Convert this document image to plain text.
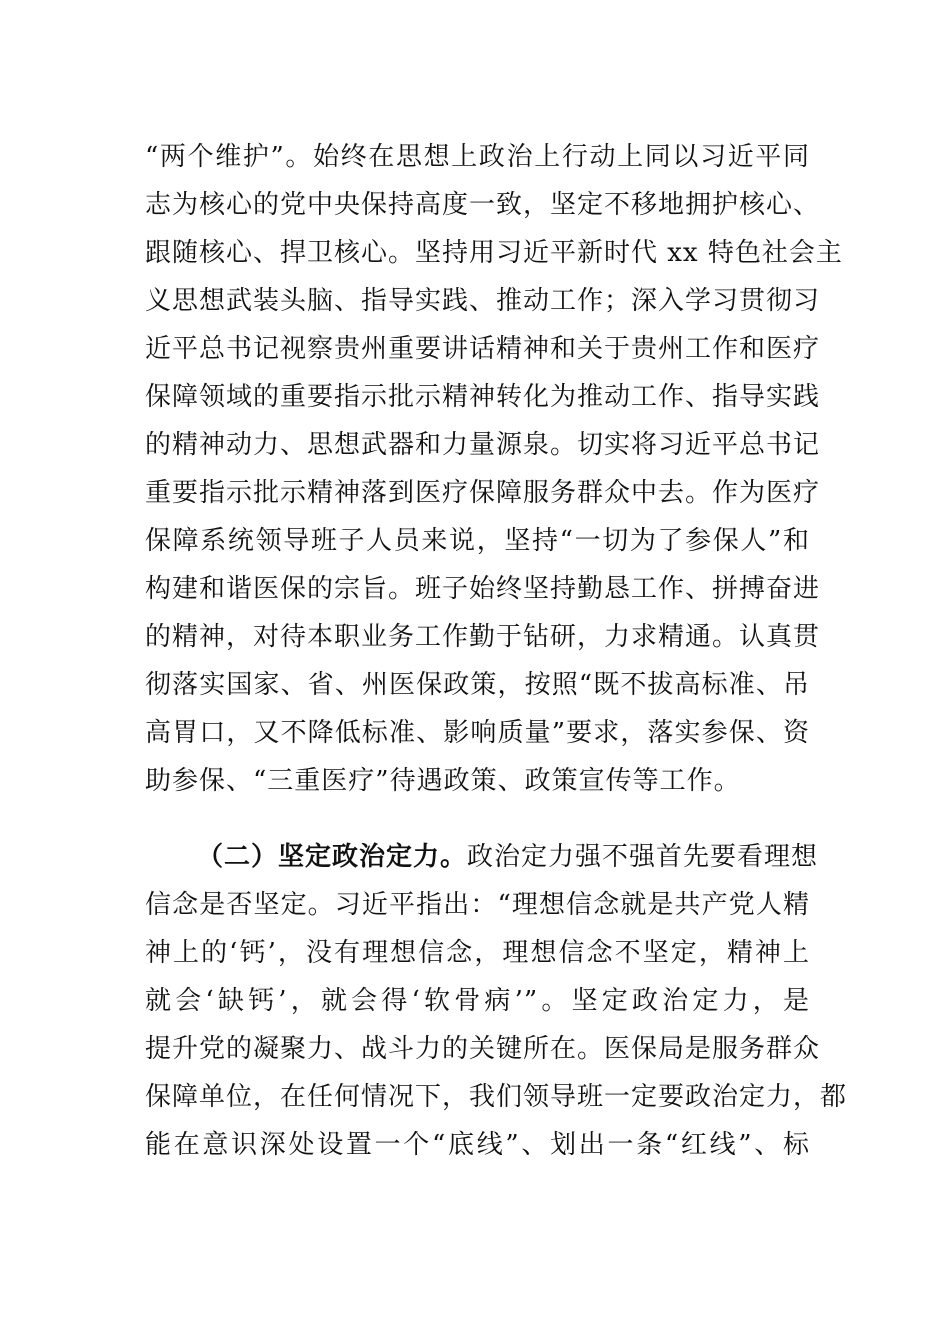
“两个维护”。始终在思想上政治上行动上同以习近平同
志为核心的党中央保持高度一致，坚定不移地拥护核心、
跟随核心、捍卫核心。坚持用习近平新时代 xx 特色社会主
义思想武装头脑、指导实践、推动工作；深入学习贯彻习
近平总书记视察贵州重要讲话精神和关于贵州工作和医疗
保障领域的重要指示批示精神转化为推动工作、指导实践
的精神动力、思想武器和力量源泉。切实将习近平总书记
重要指示批示精神落到医疗保障服务群众中去。作为医疗
保障系统领导班子人员来说，坚持“一切为了参保人”和
构建和谐医保的宗旨。班子始终坚持勤恳工作、拼搏奋进
的精神，对待本职业务工作勤于钻研，力求精通。认真贯
彻落实国家、省、州医保政策，按照“既不拔高标准、吊
高胃口，又不降低标准、影响质量”要求，落实参保、资
助参保、“三重医疗”待遇政策、政策宣传等工作。
（二）坚定政治定力。政治定力强不强首先要看理想
信念是否坚定。习近平指出：“理想信念就是共产党人精
神上的‘钙’，没有理想信念，理想信念不坚定，精神上
就会‘缺钙’，就会得‘软骨病’”。坚定政治定力，是
提升党的凝聚力、战斗力的关键所在。医保局是服务群众
保障单位，在任何情况下，我们领导班一定要政治定力，都
能在意识深处设置一个“底线”、划出一条“红线”、标
